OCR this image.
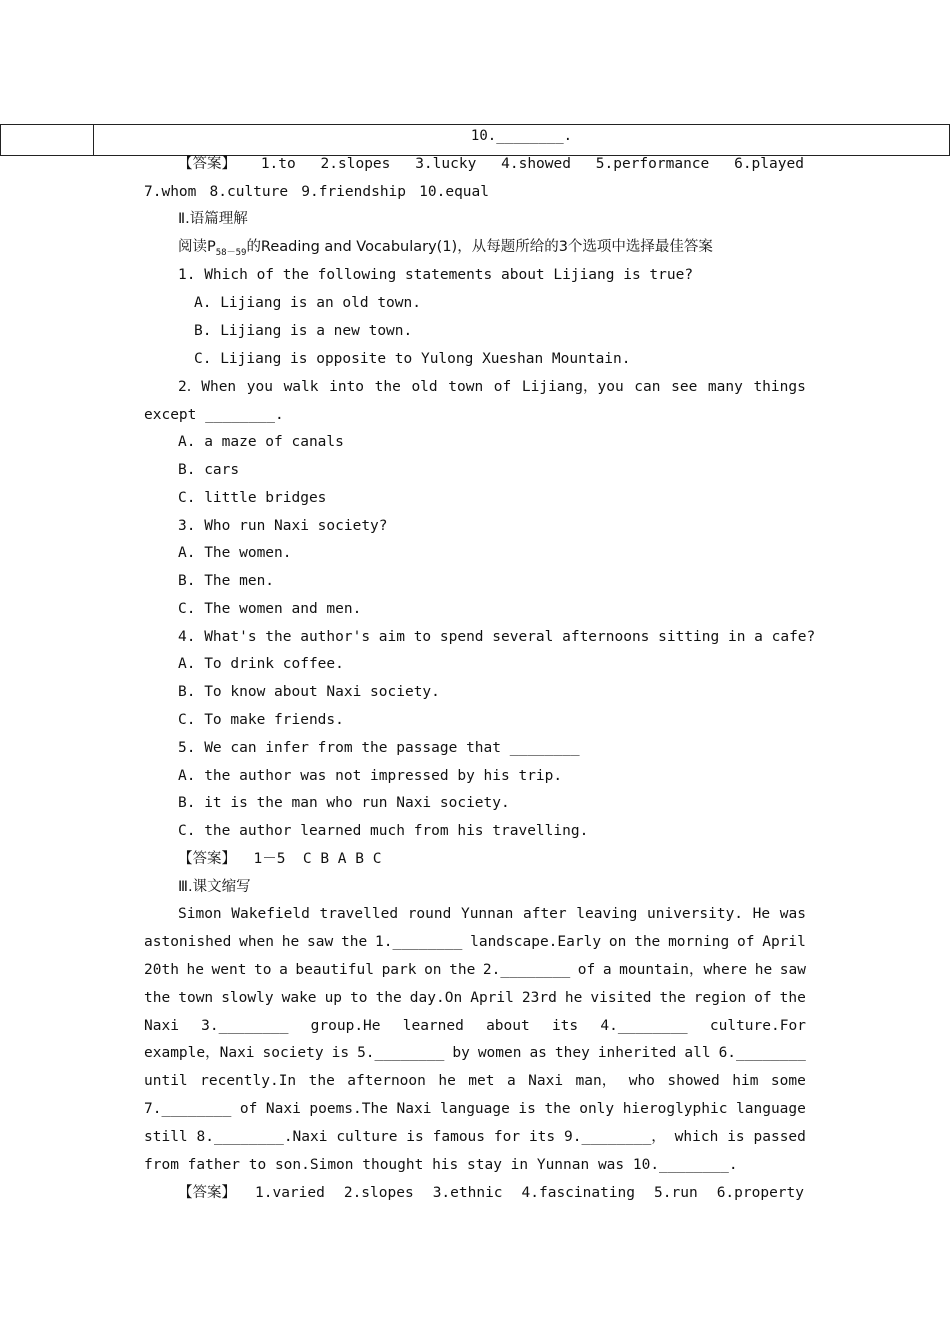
10.________.
【答案】 1.to 2.slopes 3.lucky 4.showed 5.performance 6.played
7.whom 8.culture 9.friendship 10.equal
Ⅱ.语篇理解
阅读$P_{58-59}$的Reading and Vocabulary(1)，从每题所给的3个选项中选择最佳答案
1. Which of the following statements about Lijiang is true?
A. Lijiang is an old town.
B. Lijiang is a new town.
C. Lijiang is opposite to Yulong Xueshan Mountain.
2．When you walk into the old town of Lijiang，you can see many things
except ________.
A. a maze of canals
B. cars
C. little bridges
3. Who run Naxi society?
A. The women.
B. The men.
C. The women and men.
4. What's the author's aim to spend several afternoons sitting in a cafe?
A. To drink coffee.
B. To know about Naxi society.
C. To make friends.
5. We can infer from the passage that ________
A. the author was not impressed by his trip.
B. it is the man who run Naxi society.
C. the author learned much from his travelling.
【答案】  1－5  C B A B C
Ⅲ.课文缩写
Simon Wakefield travelled round Yunnan after leaving university. He was
astonished when he saw the 1.________ landscape.Early on the morning of April
20th he went to a beautiful park on the 2.________ of a mountain，where he saw
the town slowly wake up to the day.On April 23rd he visited the region of the
Naxi 3.________ group.He learned about its 4.________ culture.For
example，Naxi society is 5.________ by women as they inherited all 6.________
until recently.In the afternoon he met a Naxi man， who showed him some
7.________ of Naxi poems.The Naxi language is the only hieroglyphic language
still 8.________.Naxi culture is famous for its 9.________， which is passed
from father to son.Simon thought his stay in Yunnan was 10.________.
【答案】 1.varied 2.slopes 3.ethnic 4.fascinating 5.run 6.property
